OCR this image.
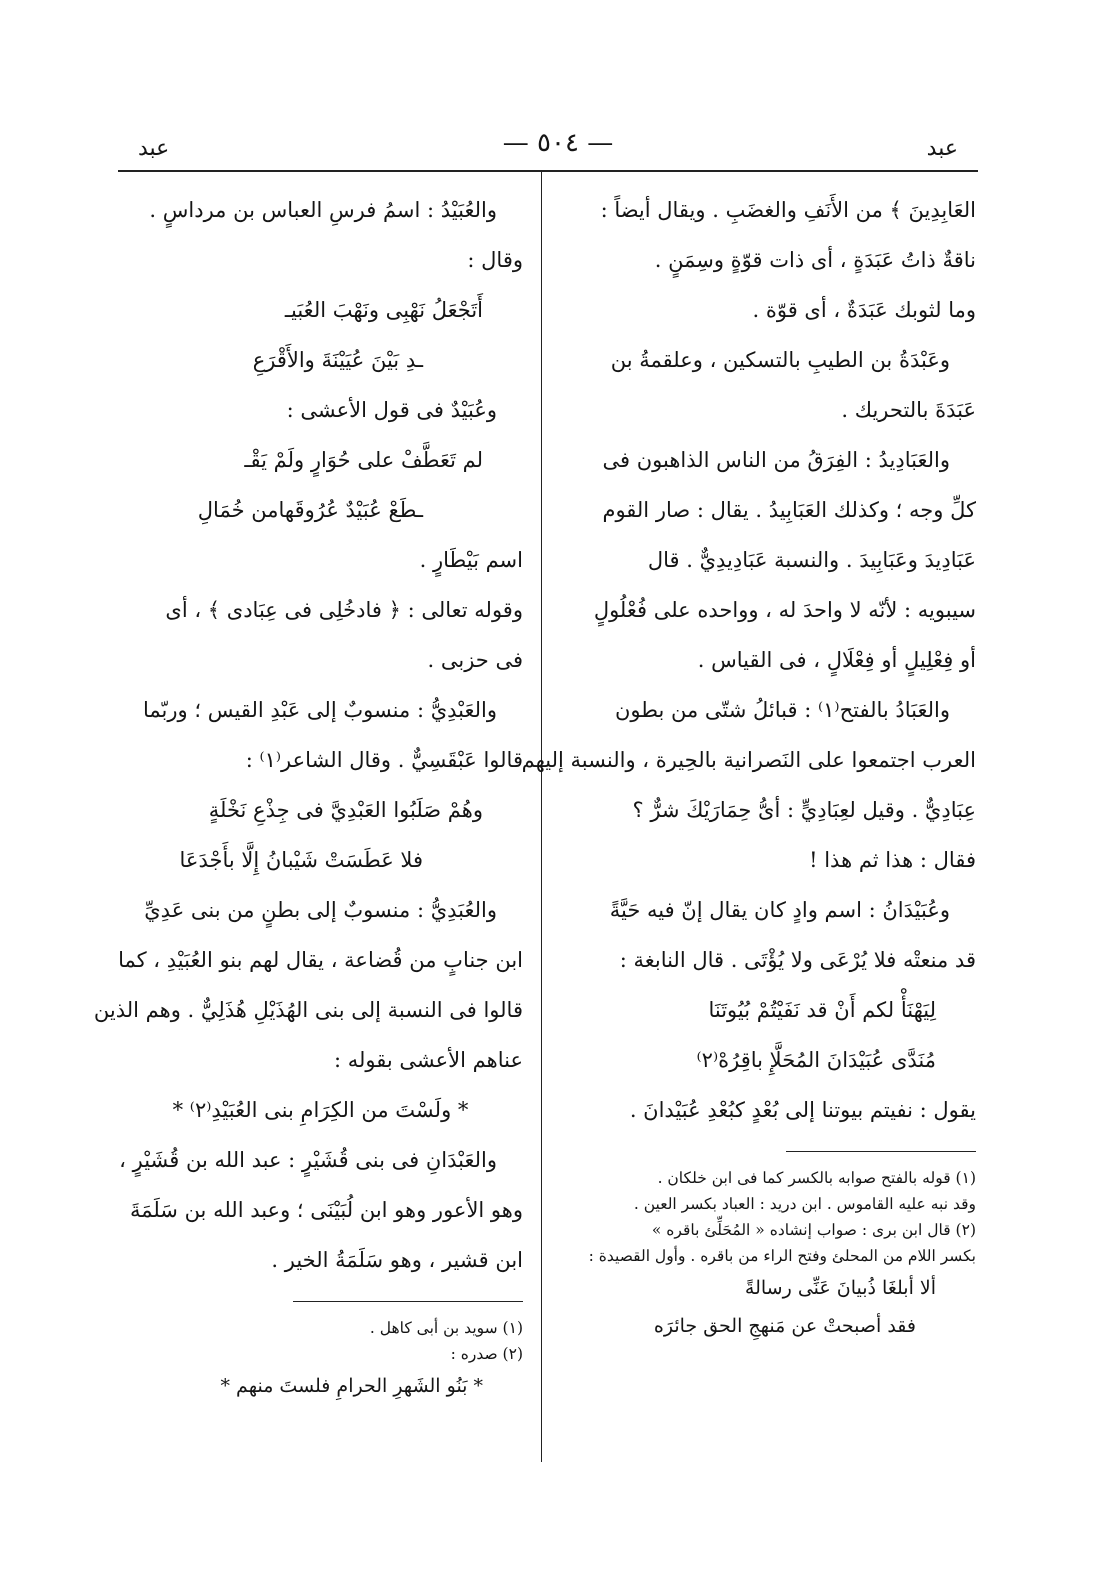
عبد
— ٥٠٤ —
عبد
العَابِدِينَ ﴾ من الأَنَفِ والغضَبِ . ويقال أيضاً :
ناقةٌ ذاتُ عَبَدَةٍ ، أى ذات قوّةٍ وسِمَنٍ .
وما لثوبك عَبَدَةٌ ، أى قوّة .
وعَبْدَةُ بن الطيبِ بالتسكين ، وعلقمةُ بن
عَبَدَةَ بالتحريك .
والعَبَادِيدُ : الفِرَقُ من الناس الذاهبون فى
كلِّ وجه ؛ وكذلك العَبَابِيدُ . يقال : صار القوم
عَبَادِيدَ وعَبَابِيدَ . والنسبة عَبَادِيدِيٌّ . قال
سيبويه : لأنّه لا واحدَ له ، وواحده على فُعْلُولٍ
أو فِعْلِيلٍ أو فِعْلَالٍ ، فى القياس .
والعَبَادُ بالفتح⁽١⁾ : قبائلُ شتّى من بطون
العرب اجتمعوا على النَصرانية بالحِيرة ، والنسبة إليهم
عِبَادِيٌّ . وقيل لعِبَادِيٍّ : أىُّ حِمَارَيْكَ شرٌّ ؟
فقال : هذا ثم هذا !
وعُبَيْدَانُ : اسم وادٍ كان يقال إنّ فيه حَيَّةً
قد منعتْه فلا يُرْعَى ولا يُؤْتَى . قال النابغة :
لِيَهْنَأْ لكم أَنْ قد نَفَيْتُمْ بُيُوتَنَا
مُنَدَّى عُبَيْدَانَ المُحَلَّإِ باقِرُهْ⁽٢⁾
يقول : نفيتم بيوتنا إلى بُعْدٍ كبُعْدِ عُبَيْدانَ .
(١) قوله بالفتح صوابه بالكسر كما فى ابن خلكان .
وقد نبه عليه القاموس . ابن دريد : العباد بكسر العين .
(٢) قال ابن برى : صواب إنشاده « المُحَلِّئ باقره »
بكسر اللام من المحلئ وفتح الراء من باقره . وأول القصيدة :
ألا أبلغَا ذُبيانَ عَنِّى رسالةً
فقد أصبحتْ عن مَنهجِ الحق جائرَه
والعُبَيْدُ : اسمُ فرسِ العباس بن مرداسٍ .
وقال :
أَتَجْعَلُ نَهْبِى ونَهْبَ العُبَيـ
ـدِ بَيْنَ عُيَيْنَةَ والأَقْرَعِ
وعُبَيْدٌ فى قول الأعشى :
لم تَعَطَّفْ على حُوَارٍ ولَمْ يَقْـ
ـطَعْ عُبَيْدٌ عُرُوقَهامن خُمَالِ
اسم بَيْطَارٍ .
وقوله تعالى : ﴿ فادخُلِى فى عِبَادى ﴾ ، أى
فى حزبى .
والعَبْدِيُّ : منسوبٌ إلى عَبْدِ القيس ؛ وربّما
قالوا عَبْقَسِيٌّ . وقال الشاعر⁽١⁾ :
وهُمْ صَلَبُوا العَبْدِيَّ فى جِذْعِ نَخْلَةٍ
فلا عَطَسَتْ شَيْبانُ إِلَّا بأَجْدَعَا
والعُبَدِيُّ : منسوبٌ إلى بطنٍ من بنى عَدِيِّ
ابن جنابٍ من قُضاعة ، يقال لهم بنو العُبَيْدِ ، كما
قالوا فى النسبة إلى بنى الهُذَيْلِ هُذَلِيٌّ . وهم الذين
عناهم الأعشى بقوله :
* ولَسْتَ من الكِرَامِ بنى العُبَيْدِ⁽٢⁾ *
والعَبْدَانِ فى بنى قُشَيْرٍ : عبد الله بن قُشَيْرٍ ،
وهو الأعور وهو ابن لُبَيْنَى ؛ وعبد الله بن سَلَمَةَ
ابن قشير ، وهو سَلَمَةُ الخير .
(١) سويد بن أبى كاهل .
(٢) صدره :
* بَنُو الشَهرِ الحرامِ فلستَ منهم *
